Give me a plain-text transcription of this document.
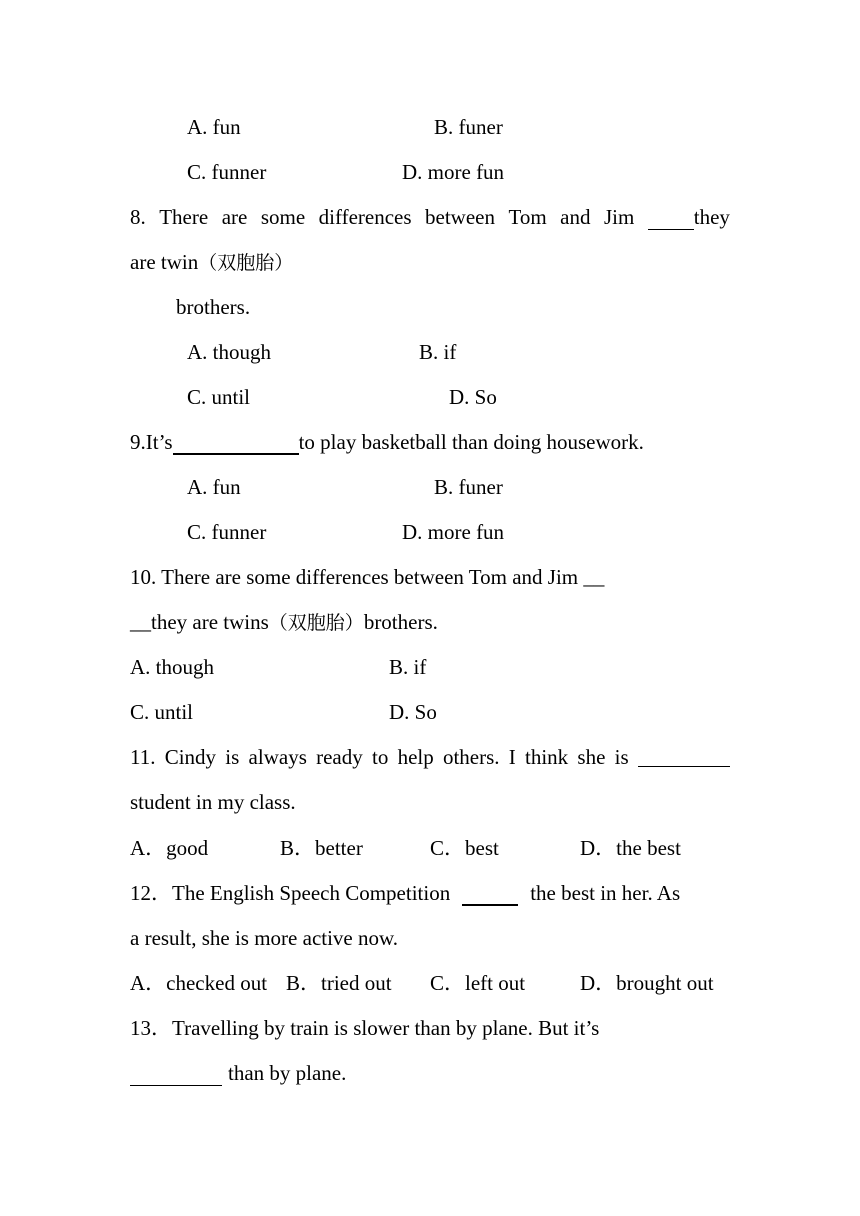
A. fun	B. funer
C. funner	D. more fun
8. There are some differences between Tom and Jim	they
are twin（双胞胎）
brothers.
A. though	B. if
C. until	D. So
9.It’s	to play basketball than doing housework.
A. fun	B. funer
C. funner	D. more fun
10. There are some differences between Tom and Jim __
__they are twins（双胞胎）brothers.
A. though	B. if
C. until	D. So
11. Cindy is always ready to help others. I think she is
student in my class.
A．good	B．better	C．best	D．the best
12．The English Speech Competition	the best in her. As
a result, she is more active now.
A．checked out B．tried out C．left out	D．brought out
13．Travelling by train is slower than by plane. But it’s
than by plane.
